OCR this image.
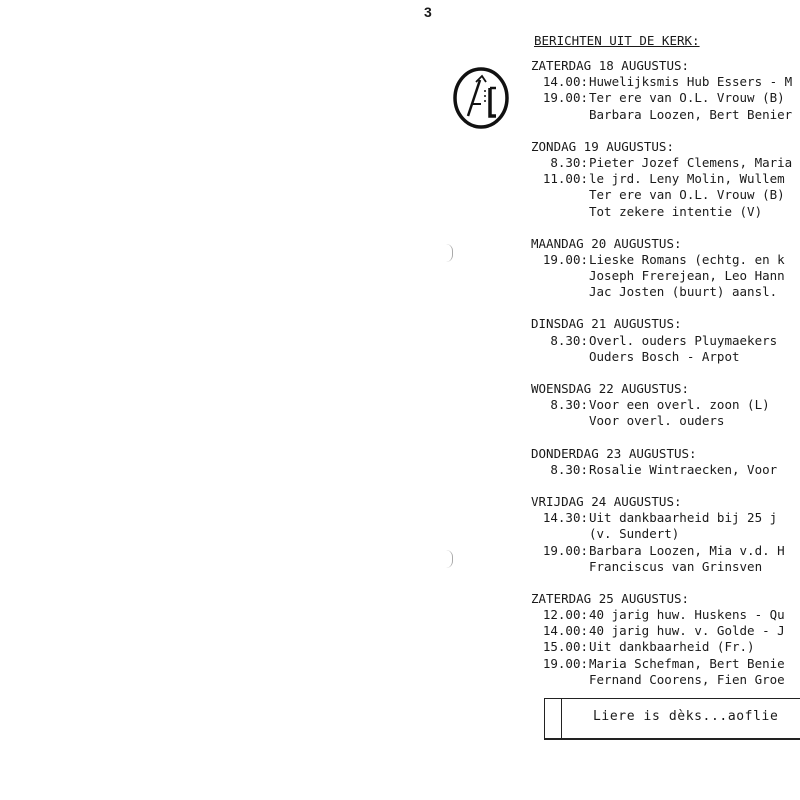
3
BERICHTEN UIT DE KERK:
ZATERDAG 18 AUGUSTUS:
14.00:Huwelijksmis Hub Essers - M
19.00:Ter ere van O.L. Vrouw (B)
Barbara Loozen, Bert Benier
ZONDAG 19 AUGUSTUS:
8.30:Pieter Jozef Clemens, Maria
11.00:le jrd. Leny Molin, Wullem
Ter ere van O.L. Vrouw (B)
Tot zekere intentie (V)
MAANDAG 20 AUGUSTUS:
19.00:Lieske Romans (echtg. en k
Joseph Frerejean, Leo Hann
Jac Josten (buurt) aansl.
DINSDAG 21 AUGUSTUS:
8.30:Overl. ouders Pluymaekers
Ouders Bosch - Arpot
WOENSDAG 22 AUGUSTUS:
8.30:Voor een overl. zoon (L)
Voor overl. ouders
DONDERDAG 23 AUGUSTUS:
8.30:Rosalie Wintraecken, Voor
VRIJDAG 24 AUGUSTUS:
14.30:Uit dankbaarheid bij 25 j
(v. Sundert)
19.00:Barbara Loozen, Mia v.d. H
Franciscus van Grinsven
ZATERDAG 25 AUGUSTUS:
12.00:40 jarig huw. Huskens - Qu
14.00:40 jarig huw. v. Golde - J
15.00:Uit dankbaarheid (Fr.)
19.00:Maria Schefman, Bert Benie
Fernand Coorens, Fien Groe
Liere is dèks...aoflie
